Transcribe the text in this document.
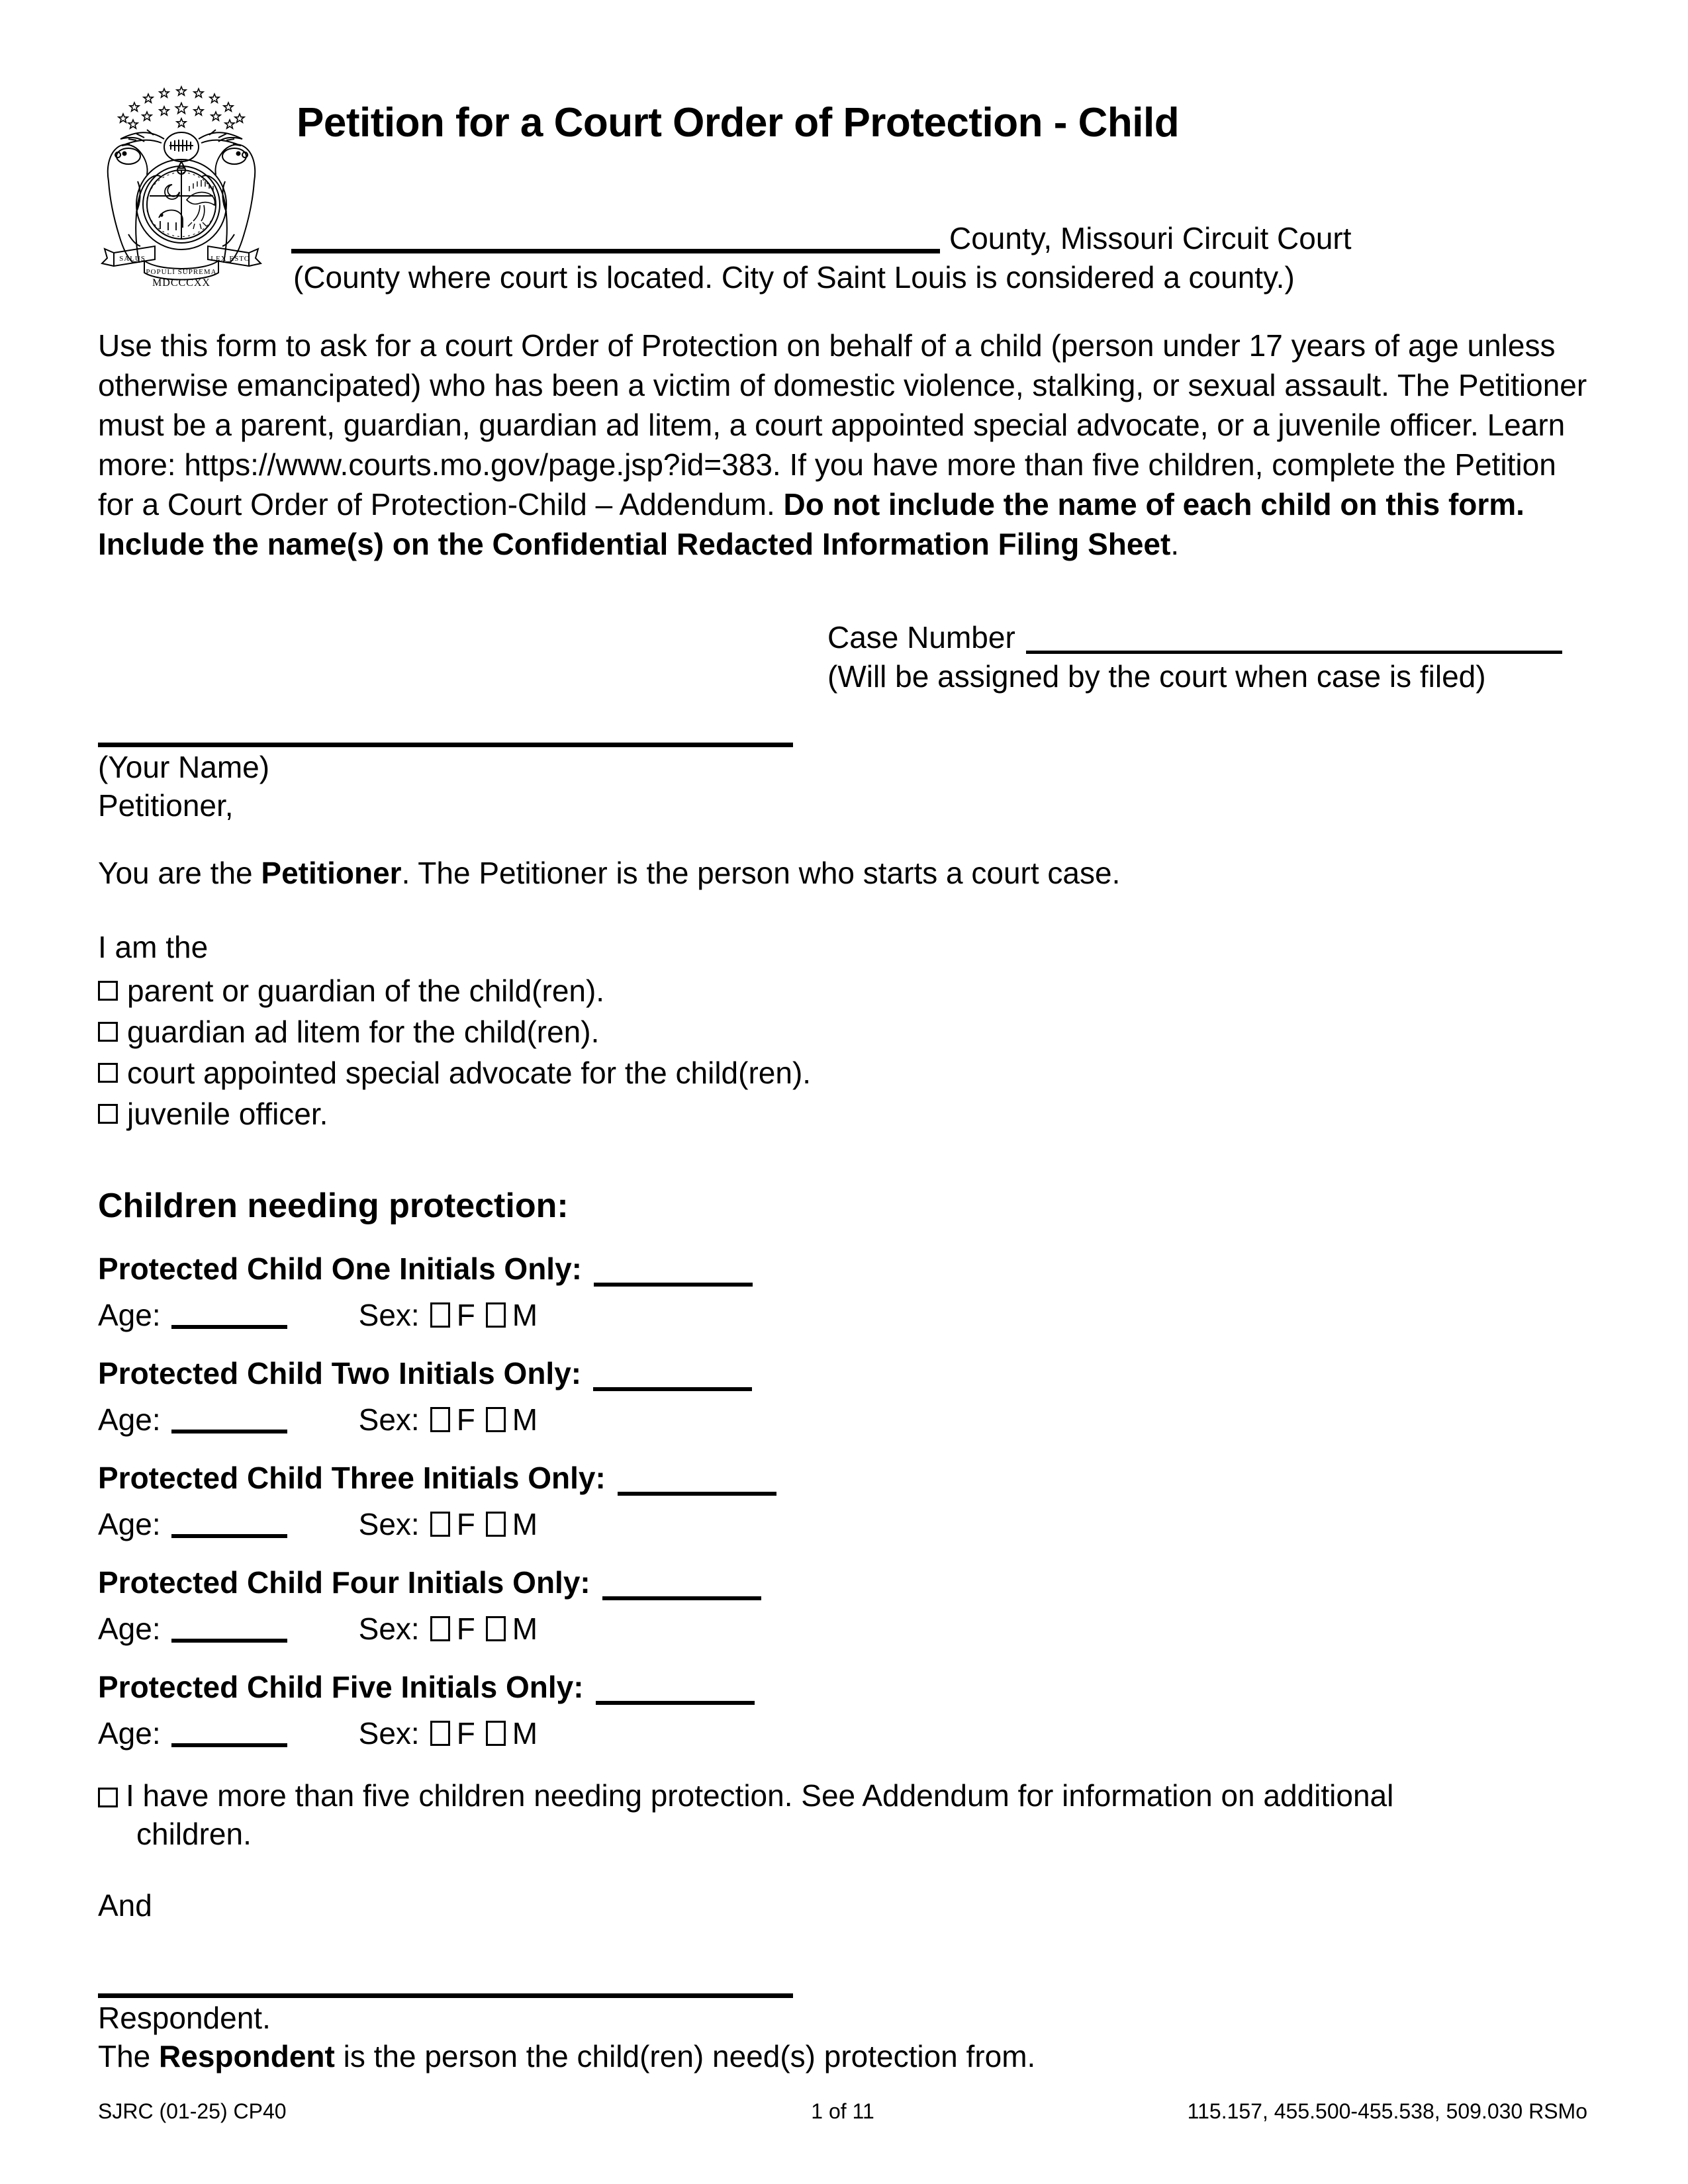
SALUS	LEX ESTO
POPULI SUPREMA
MDCCCXX
Petition for a Court Order of Protection - Child
County, Missouri Circuit Court
(County where court is located. City of Saint Louis is considered a county.)
Use this form to ask for a court Order of Protection on behalf of a child (person under 17 years of age unless otherwise emancipated) who has been a victim of domestic violence, stalking, or sexual assault. The Petitioner must be a parent, guardian, guardian ad litem, a court appointed special advocate, or a juvenile officer. Learn more: https://www.courts.mo.gov/page.jsp?id=383. If you have more than five children, complete the Petition for a Court Order of Protection-Child – Addendum. Do not include the name of each child on this form. Include the name(s) on the Confidential Redacted Information Filing Sheet.
Case Number
(Will be assigned by the court when case is filed)
(Your Name)
Petitioner,
You are the Petitioner. The Petitioner is the person who starts a court case.
I am the
parent or guardian of the child(ren).
guardian ad litem for the child(ren).
court appointed special advocate for the child(ren).
juvenile officer.
Children needing protection:
Protected Child One Initials Only:
Age:	Sex: F M
Protected Child Two Initials Only:
Age:	Sex: F M
Protected Child Three Initials Only:
Age:	Sex: F M
Protected Child Four Initials Only:
Age:	Sex: F M
Protected Child Five Initials Only:
Age:	Sex: F M
I have more than five children needing protection. See Addendum for information on additional
children.
And
Respondent.
The Respondent is the person the child(ren) need(s) protection from.
SJRC (01-25) CP40	1 of 11	115.157, 455.500-455.538, 509.030 RSMo
